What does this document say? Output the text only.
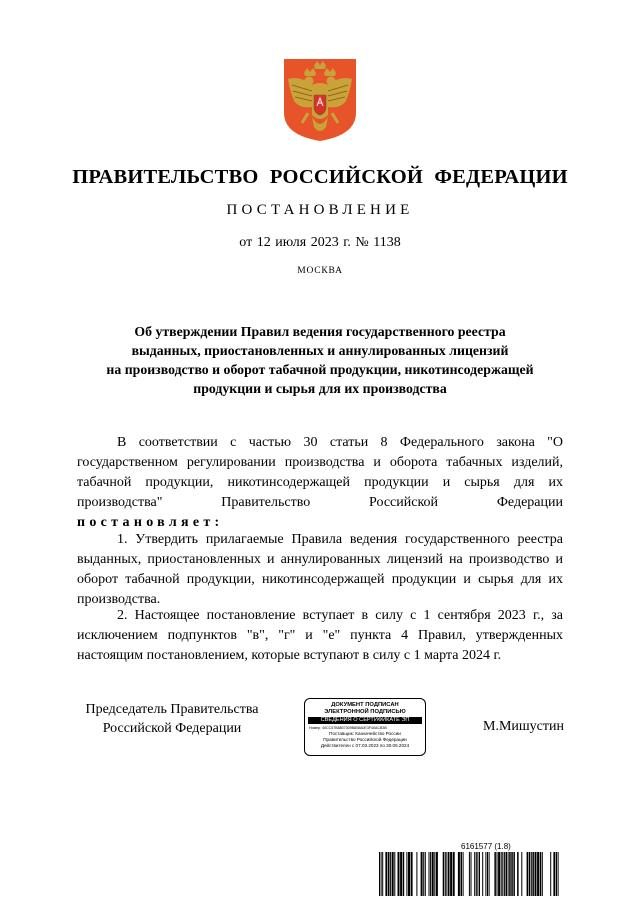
ПРАВИТЕЛЬСТВО РОССИЙСКОЙ ФЕДЕРАЦИИ
ПОСТАНОВЛЕНИЕ
от 12 июля 2023 г. № 1138
МОСКВА
Об утверждении Правил ведения государственного реестра
выданных, приостановленных и аннулированных лицензий
на производство и оборот табачной продукции, никотинсодержащей
продукции и сырья для их производства
В соответствии с частью 30 статьи 8 Федерального закона "О государственном регулировании производства и оборота табачных изделий, табачной продукции, никотинсодержащей продукции и сырья для их производства" Правительство Российской Федерации
постановляет:
1. Утвердить прилагаемые Правила ведения государственного реестра выданных, приостановленных и аннулированных лицензий на производство и оборот табачной продукции, никотинсодержащей продукции и сырья для их производства.
2. Настоящее постановление вступает в силу с 1 сентября 2023 г., за исключением подпунктов "в", "г" и "е" пункта 4 Правил, утвержденных настоящим постановлением, которые вступают в силу с 1 марта 2024 г.
Председатель Правительства
Российской Федерации
ДОКУМЕНТ ПОДПИСАН
ЭЛЕКТРОННОЙ ПОДПИСЬЮ
СВЕДЕНИЯ О СЕРТИФИКАТЕ ЭП
Номер: 40CC57B8807309B808A0E3F40ACB3B
Поставщик: Казначейство России
Правительство Российской Федерации
Действителен с 07.03.2023 по 30.05.2024
М.Мишустин
6161577 (1.8)
